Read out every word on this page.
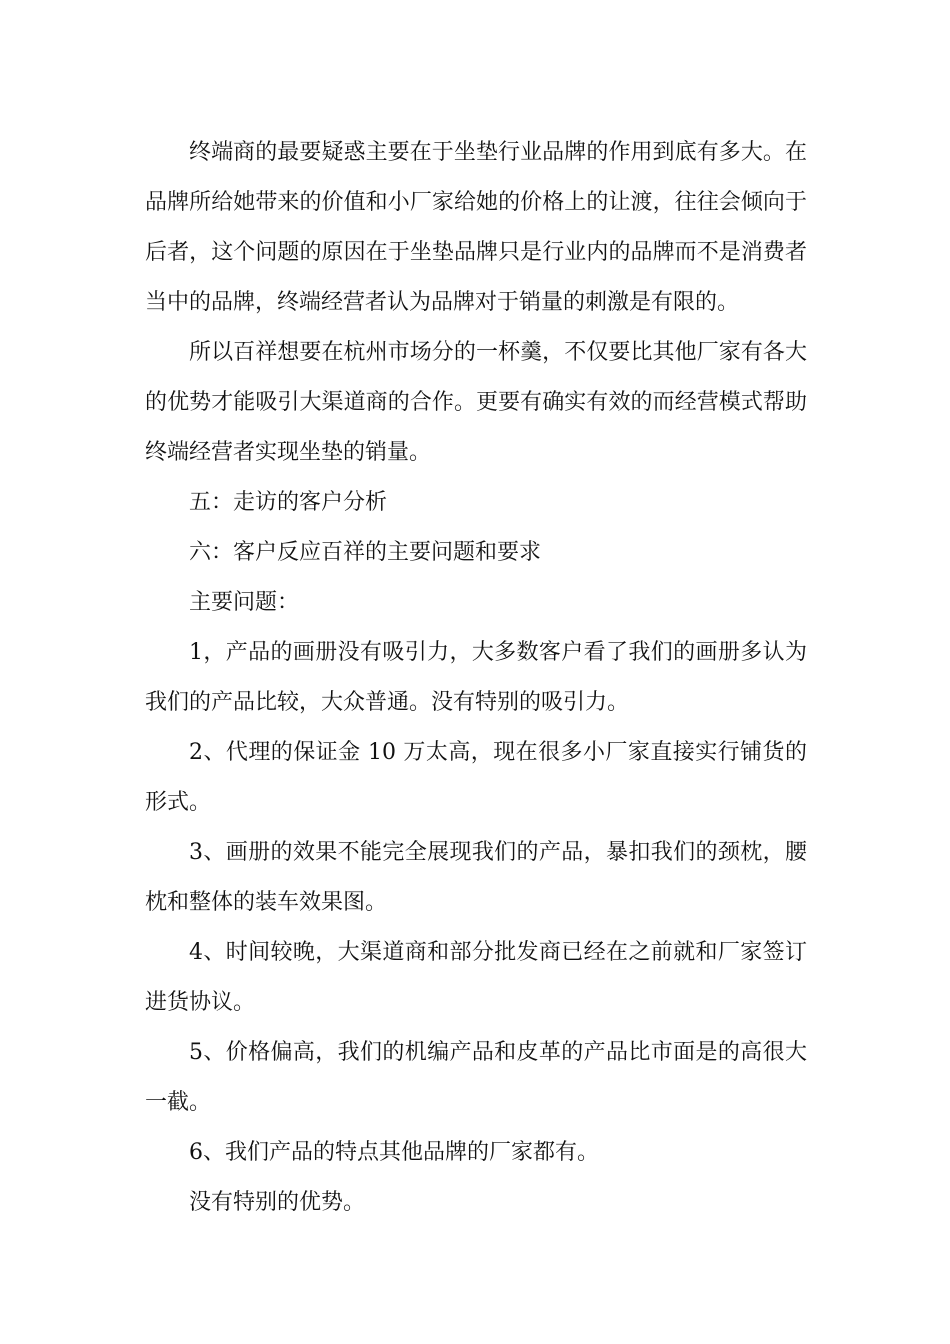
终端商的最要疑惑主要在于坐垫行业品牌的作用到底有多大。在品牌所给她带来的价值和小厂家给她的价格上的让渡，往往会倾向于后者，这个问题的原因在于坐垫品牌只是行业内的品牌而不是消费者当中的品牌，终端经营者认为品牌对于销量的刺激是有限的。

所以百祥想要在杭州市场分的一杯羹，不仅要比其他厂家有各大的优势才能吸引大渠道商的合作。更要有确实有效的而经营模式帮助终端经营者实现坐垫的销量。

五：走访的客户分析

六：客户反应百祥的主要问题和要求

主要问题：

1，产品的画册没有吸引力，大多数客户看了我们的画册多认为我们的产品比较，大众普通。没有特别的吸引力。

2、代理的保证金 10 万太高，现在很多小厂家直接实行铺货的形式。

3、画册的效果不能完全展现我们的产品，暴扣我们的颈枕，腰枕和整体的装车效果图。

4、时间较晚，大渠道商和部分批发商已经在之前就和厂家签订进货协议。

5、价格偏高，我们的机编产品和皮革的产品比市面是的高很大一截。

6、我们产品的特点其他品牌的厂家都有。

没有特别的优势。
